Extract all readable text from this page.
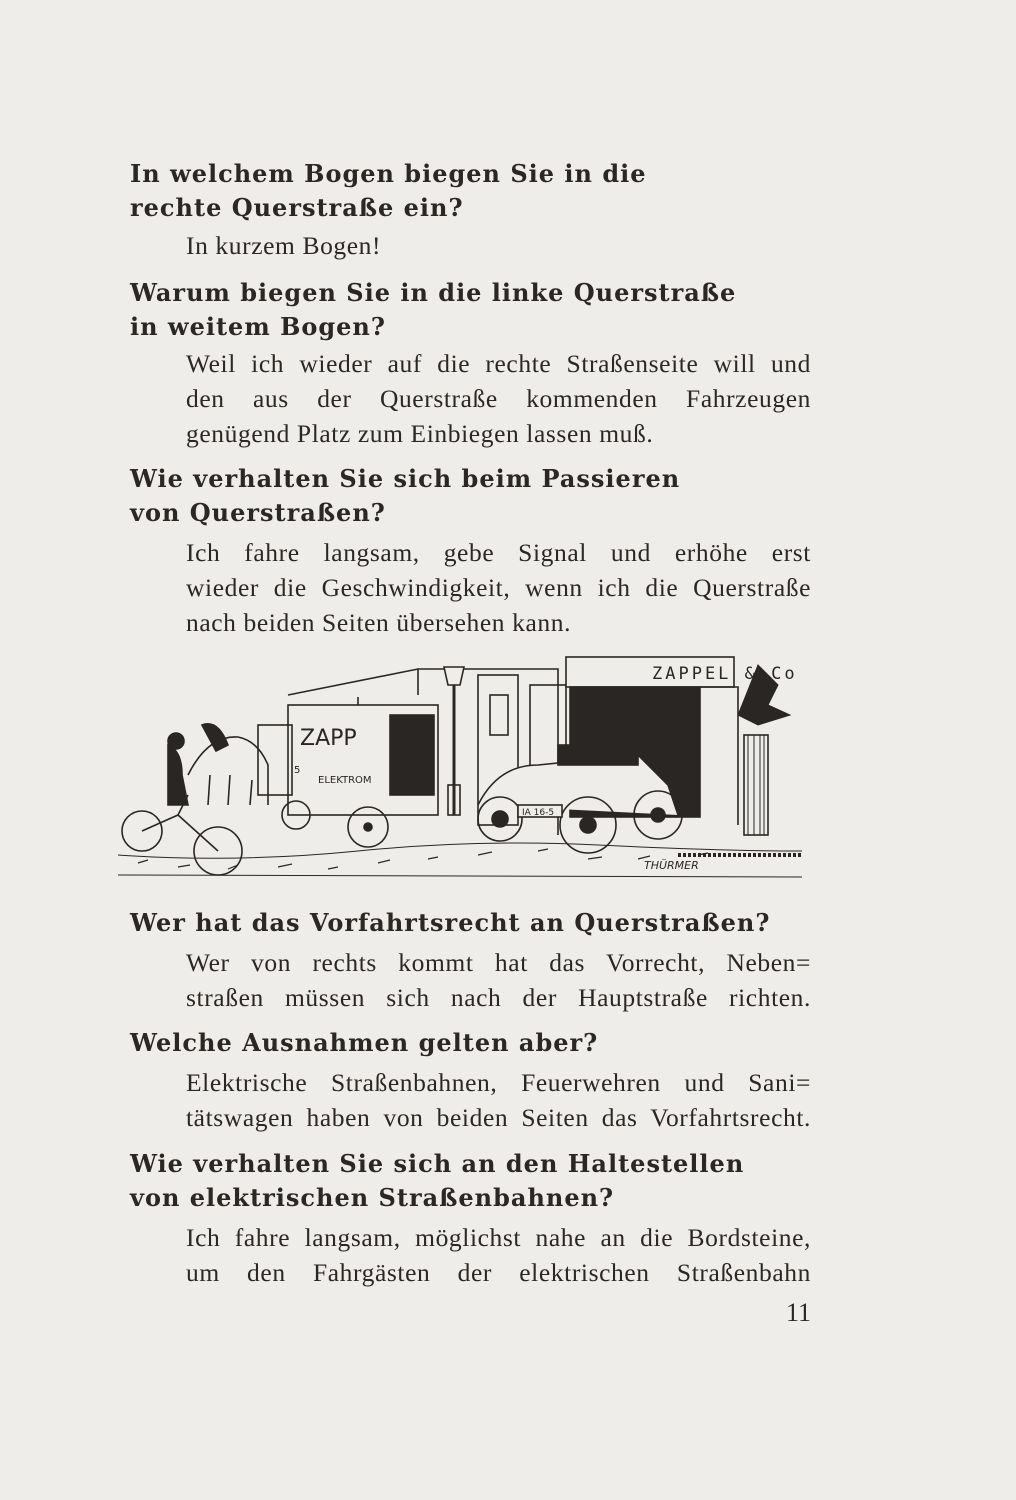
In welchem Bogen biegen Sie in die
rechte Querstraße ein?
In kurzem Bogen!
Warum biegen Sie in die linke Querstraße
in weitem Bogen?
Weil ich wieder auf die rechte Straßenseite will und
den aus der Querstraße kommenden Fahrzeugen
genügend Platz zum Einbiegen lassen muß.
Wie verhalten Sie sich beim Passieren
von Querstraßen?
Ich fahre langsam, gebe Signal und erhöhe erst
wieder die Geschwindigkeit, wenn ich die Querstraße
nach beiden Seiten übersehen kann.
ZAPPEL & Co
ZAPP
ELEKTROM
5
IA 16-5
THÜRMER
Wer hat das Vorfahrtsrecht an Querstraßen?
Wer von rechts kommt hat das Vorrecht, Neben=
straßen müssen sich nach der Hauptstraße richten.
Welche Ausnahmen gelten aber?
Elektrische Straßenbahnen, Feuerwehren und Sani=
tätswagen haben von beiden Seiten das Vorfahrtsrecht.
Wie verhalten Sie sich an den Haltestellen
von elektrischen Straßenbahnen?
Ich fahre langsam, möglichst nahe an die Bordsteine,
um den Fahrgästen der elektrischen Straßenbahn
11
